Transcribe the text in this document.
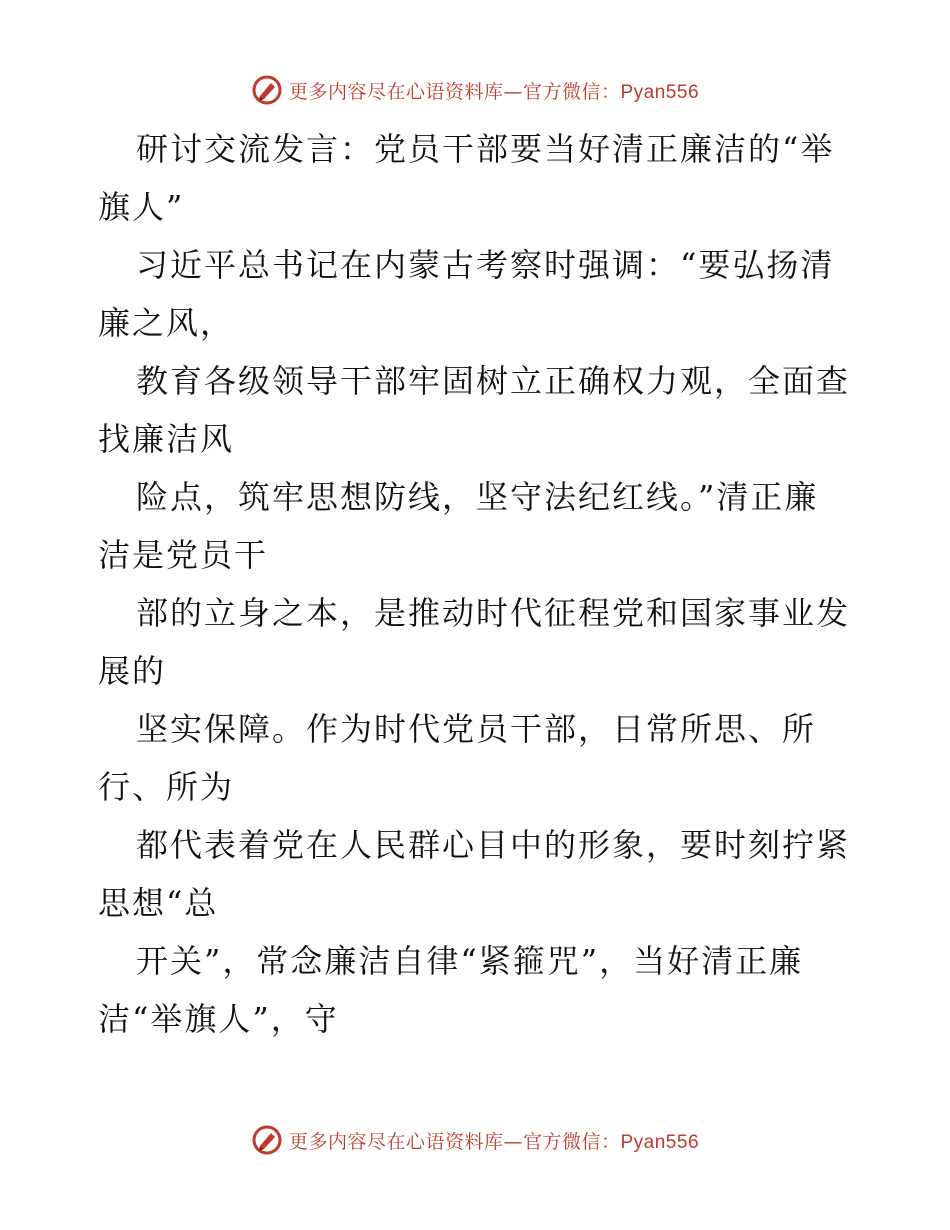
更多内容尽在心语资料库—官方微信：Pyan556
研讨交流发言：党员干部要当好清正廉洁的“举
旗人”
习近平总书记在内蒙古考察时强调：“要弘扬清
廉之风，
教育各级领导干部牢固树立正确权力观，全面查
找廉洁风
险点，筑牢思想防线，坚守法纪红线。”清正廉
洁是党员干
部的立身之本，是推动时代征程党和国家事业发
展的
坚实保障。作为时代党员干部，日常所思、所
行、所为
都代表着党在人民群心目中的形象，要时刻拧紧
思想“总
开关”，常念廉洁自律“紧箍咒”，当好清正廉
洁“举旗人”，守
更多内容尽在心语资料库—官方微信：Pyan556
